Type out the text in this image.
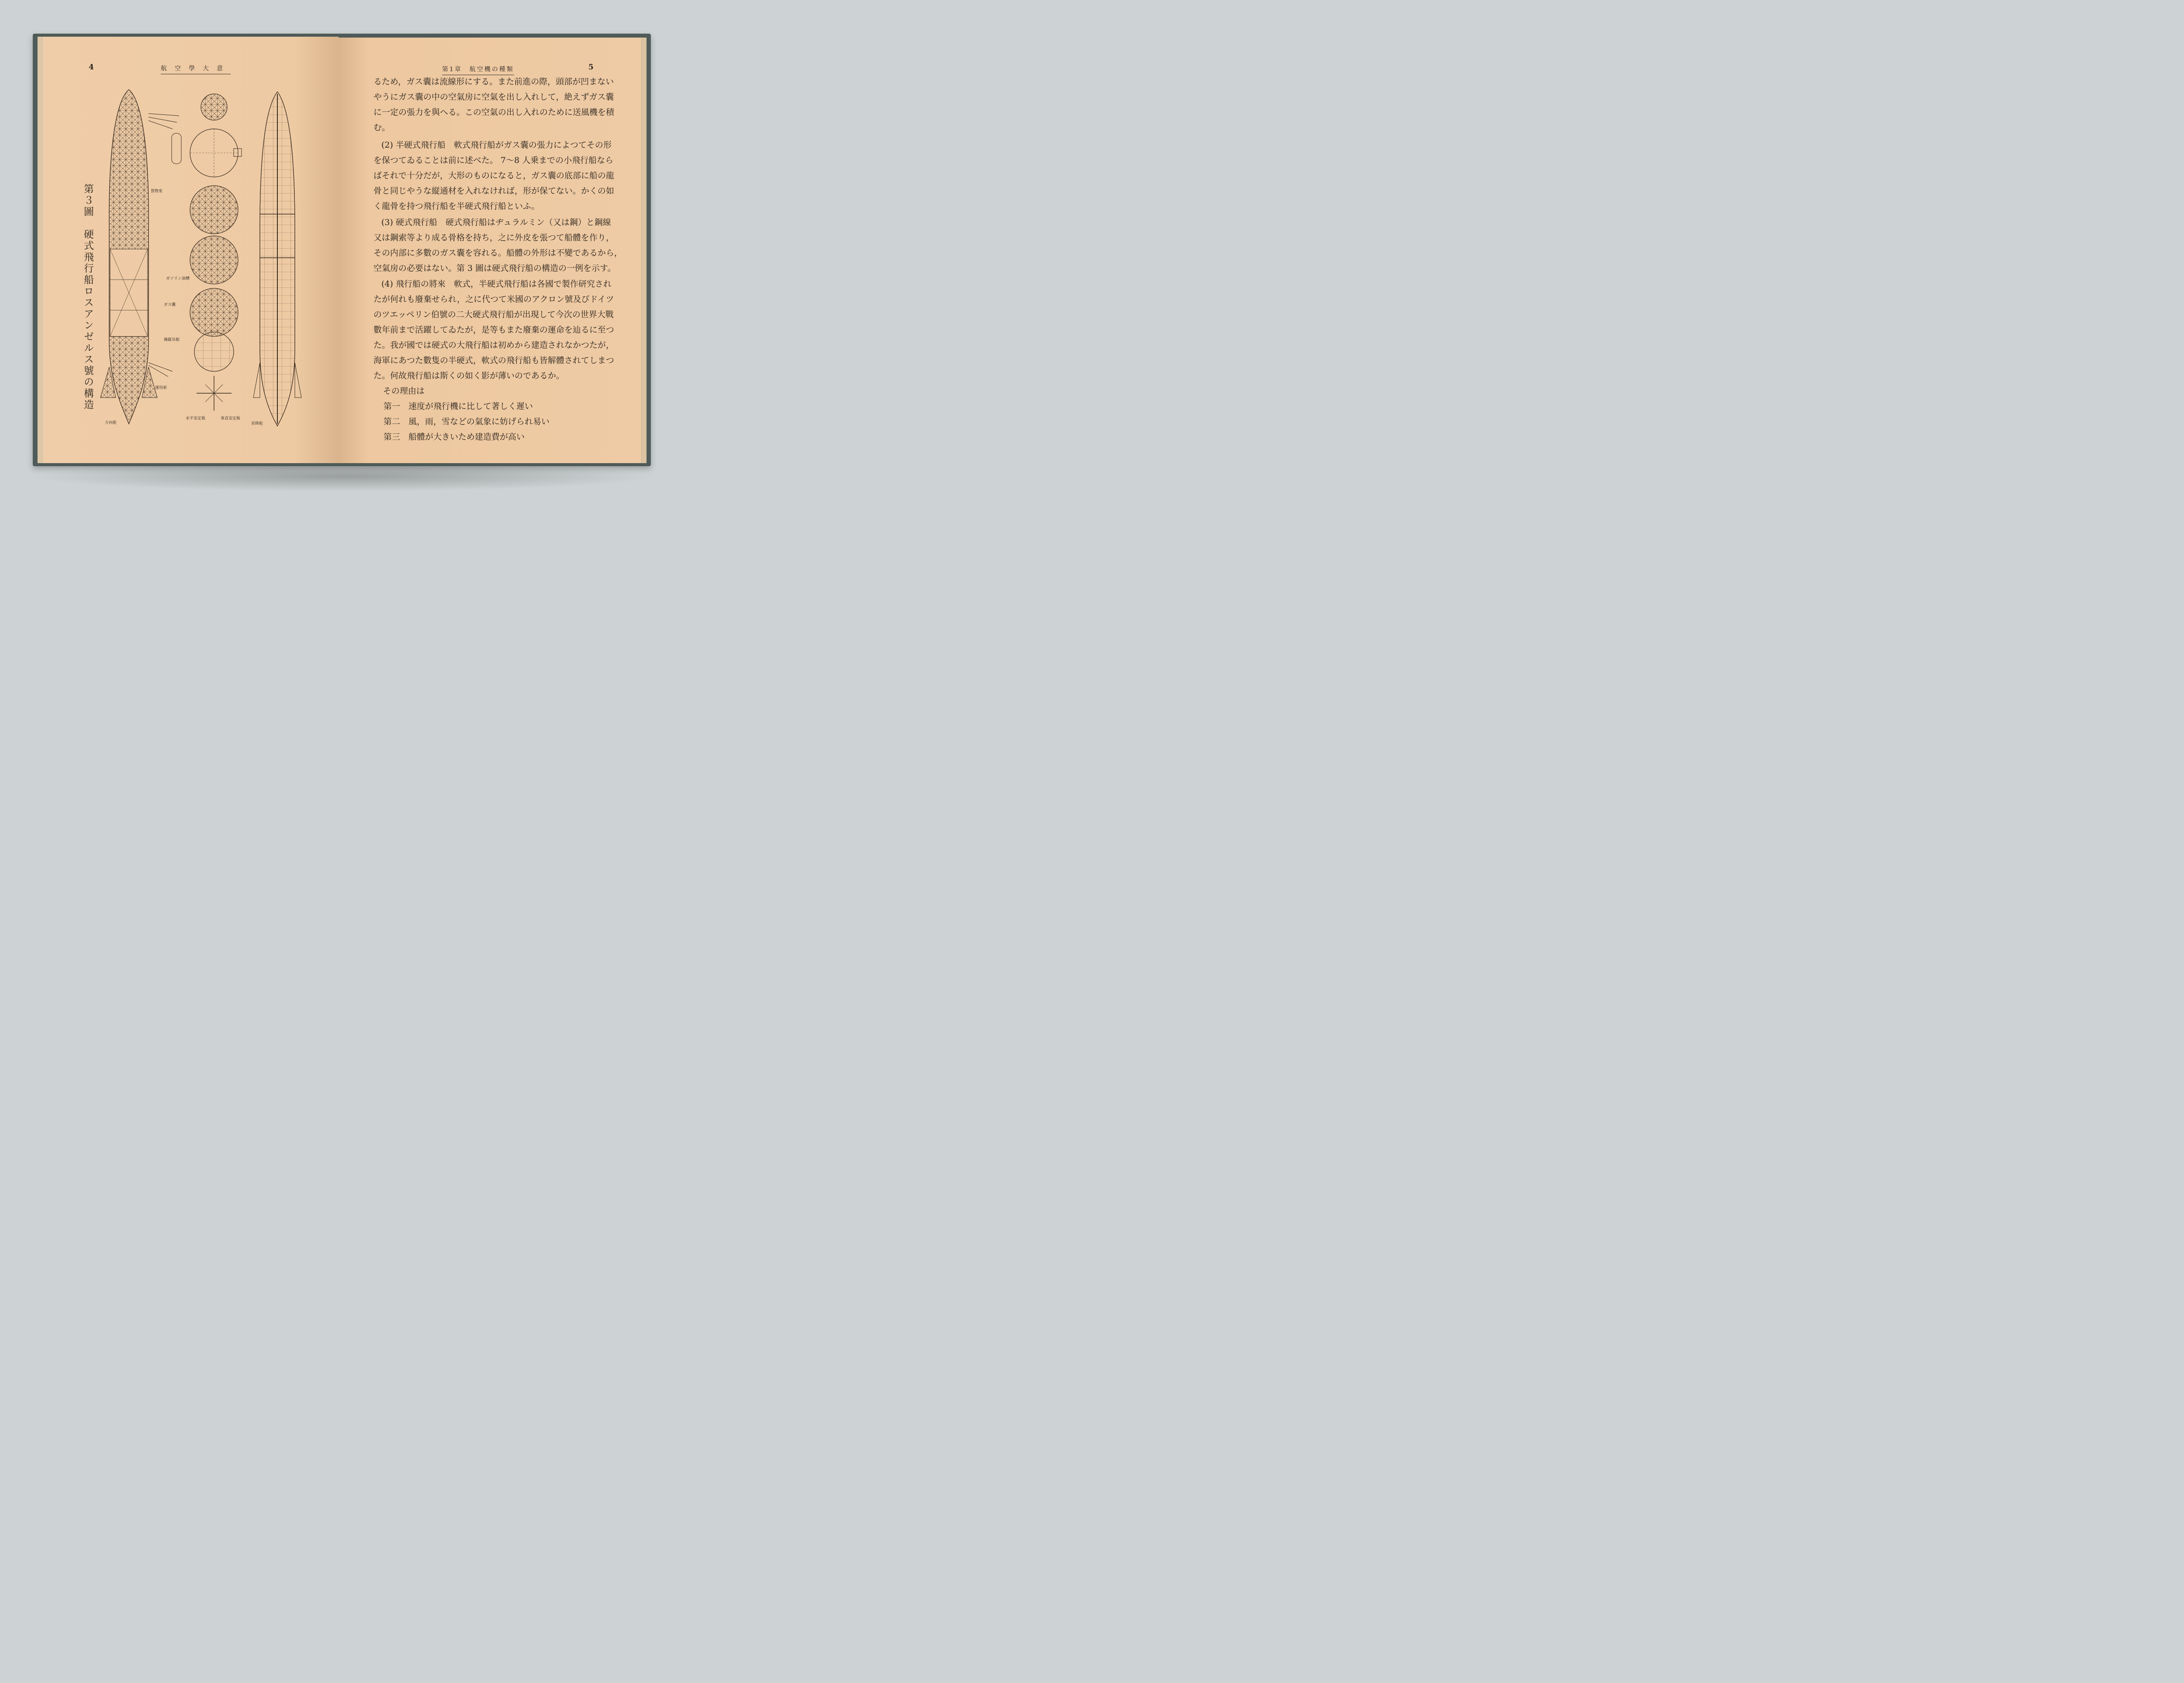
4	航空學大意
第３圖　硬式飛行船ロスアンゼルス號の構造	貨物室
ガソリン油槽
ガス囊
水平安定板	垂直安定板
方向舵	昇降舵
運用索
操縦吊船
第1章　航空機の種類	5
るため，ガス囊は流線形にする。また前進の際，頭部が凹まない
やうにガス囊の中の空氣房に空氣を出し入れして，絶えずガス囊
に一定の張力を與へる。この空氣の出し入れのために送風機を積
む。
(2) 半硬式飛行船　軟式飛行船がガス囊の張力によつてその形
を保つてゐることは前に述べた。 7〜8 人乗までの小飛行船なら
ばそれで十分だが，大形のものになると，ガス囊の底部に船の龍
骨と同じやうな縦通材を入れなければ，形が保てない。かくの如
く龍骨を持つ飛行船を半硬式飛行船といふ。
(3) 硬式飛行船　硬式飛行船はヂュラルミン（又は鋼）と鋼線
又は鋼索等より成る骨格を持ち，之に外皮を張つて船體を作り，
その内部に多數のガス囊を容れる。船體の外形は不變であるから，
空氣房の必要はない。第 3 圖は硬式飛行船の構造の一例を示す。
(4) 飛行船の將來　軟式，半硬式飛行船は各國で製作研究され
たが何れも廢棄せられ，之に代つて米國のアクロン號及びドイツ
のツエッペリン伯號の二大硬式飛行船が出現して今次の世界大戰
數年前まで活躍してゐたが，是等もまた廢棄の運命を辿るに至つ
た。我が國では硬式の大飛行船は初めから建造されなかつたが，
海軍にあつた數隻の半硬式，軟式の飛行船も皆解體されてしまつ
た。何故飛行船は斯くの如く影が薄いのであるか。
その理由は
第一　速度が飛行機に比して著しく遲い
第二　風，雨，雪などの氣象に妨げられ易い
第三　船體が大きいため建造費が高い
